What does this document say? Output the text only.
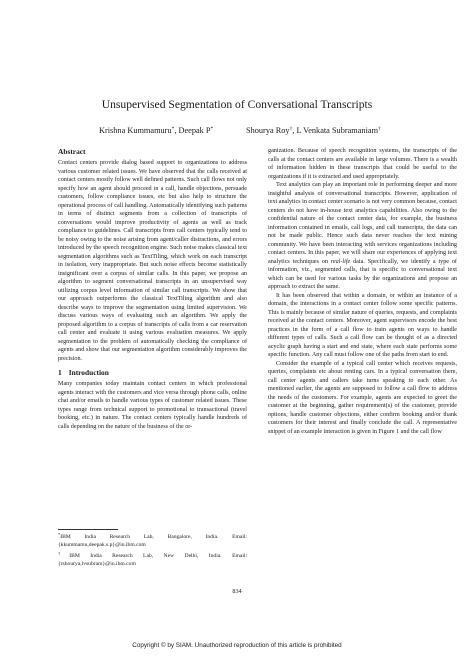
Unsupervised Segmentation of Conversational Transcripts
Krishna Kummamuru*, Deepak P*	Shourya Roy†, L Venkata Subramaniam†
Abstract

Contact centers provide dialog based support to organizations to address various customer related issues. We have observed that the calls received at contact centers mostly follow well defined patterns. Such call flows not only specify how an agent should proceed in a call, handle objections, persuade customers, follow compliance issues, etc but also help to structure the operational process of call handling. Automatically identifying such patterns in terms of distinct segments from a collection of transcripts of conversations would improve productivity of agents as well as track compliance to guidelines. Call transcripts from call centers typically tend to be noisy owing to the noise arising from agent/caller distractions, and errors introduced by the speech recognition engine. Such noise makes classical text segmentation algorithms such as TextTiling, which work on each transcript in isolation, very inappropriate. But such noise effects become statistically insignificant over a corpus of similar calls. In this paper, we propose an algorithm to segment conversational transcripts in an unsupervised way utilizing corpus level information of similar call transcripts. We show that our approach outperforms the classical TextTiling algorithm and also describe ways to improve the segmentation using limited supervision. We discuss various ways of evaluating such an algorithm. We apply the proposed algorithm to a corpus of transcripts of calls from a car reservation call center and evaluate it using various evaluation measures. We apply segmentation to the problem of automatically checking the compliance of agents and show that our segmentation algorithm considerably improves the precision.

1 Introduction

Many companies today maintain contact centers in which professional agents interact with the customers and vice versa through phone calls, online chat and/or emails to handle various types of customer related issues. These types range from technical support to promotional to transactional (travel booking, etc.) in nature. The contact centers typically handle hundreds of calls depending on the nature of the business of the or-

*IBM India Research Lab, Bangalore, India. Email: {kkummamu,deepak.s.p}@in.ibm.com

†IBM India Research Lab, New Delhi, India. Email: {rshourya,lvsubram}@in.ibm.com

ganization. Because of speech recognition systems, the transcripts of the calls at the contact centers are available in large volumes. There is a wealth of information hidden in these transcripts that could be useful to the organizations if it is extracted and used appropriately.

Text analytics can play an important role in performing deeper and more insightful analysis of conversational transcripts. However, application of text analytics in contact center scenario is not very common because, contact centers do not have in-house text analytics capabilities. Also owing to the confidential nature of the contact center data, for example, the business information contained in emails, call logs, and call transcripts, the data can not be made public. Hence such data never reaches the text mining community. We have been interacting with services organizations including contact centers. In this paper, we will share our experiences of applying text analytics techniques on real-life data. Specifically, we identify a type of information, viz., segmented calls, that is specific to conversational text which can be used for various tasks by the organizations and propose an approach to extract the same.

It has been observed that within a domain, or within an instance of a domain, the interactions in a contact center follow some specific patterns. This is mainly because of similar nature of queries, requests, and complaints received at the contact centers. Moreover, agent supervisors encode the best practices in the form of a call flow to train agents on ways to handle different types of calls. Such a call flow can be thought of as a directed acyclic graph having a start and end state, where each state performs some specific function. Any call must follow one of the paths from start to end.

Consider the example of a typical call center which receives requests, queries, complaints etc about renting cars. In a typical conversation there, call center agents and callers take turns speaking to each other. As mentioned earlier, the agents are supposed to follow a call flow to address the needs of the customers. For example, agents are expected to greet the customer at the beginning, gather requirement(s) of the customer, provide options, handle customer objections, either confirm booking and/or thank customers for their interest and finally conclude the call. A representative snippet of an example interaction is given in Figure 1 and the call flow

834
Copyright © by SIAM. Unauthorized reproduction of this article is prohibited
